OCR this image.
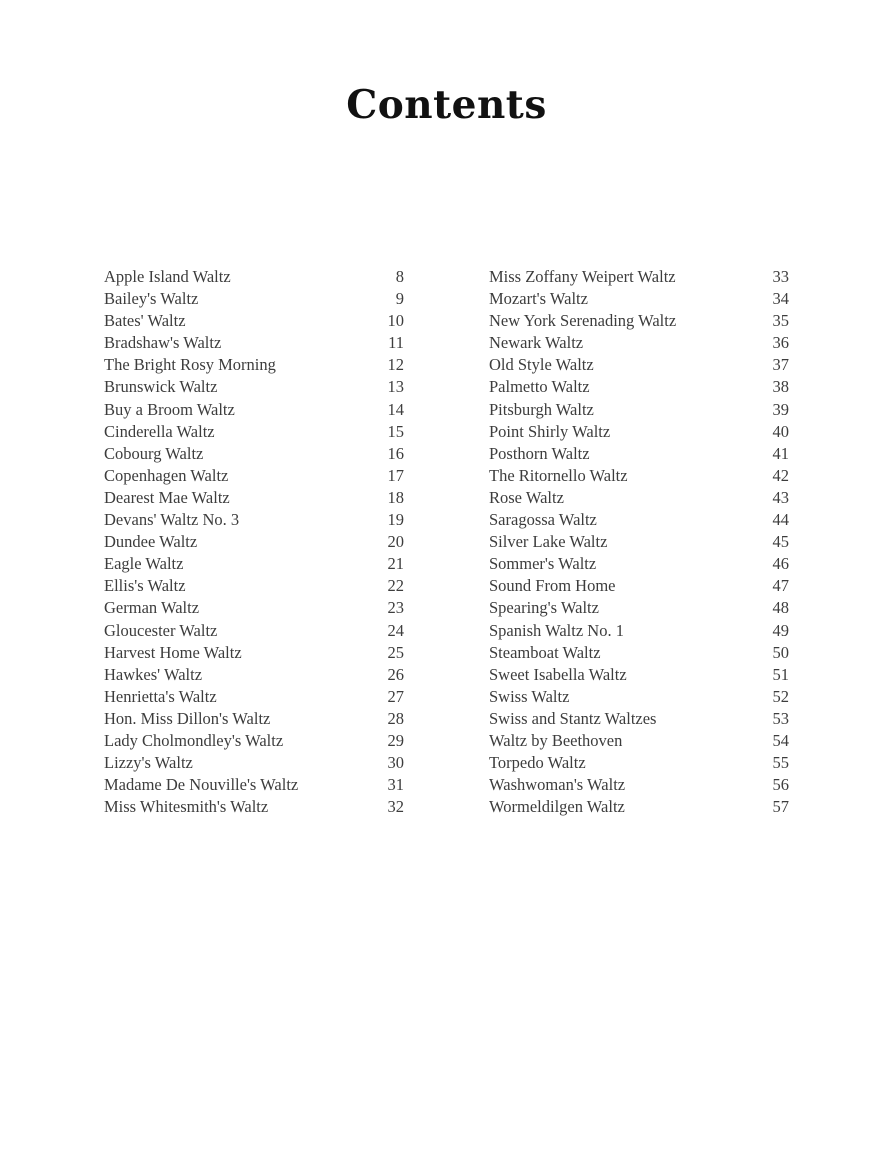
Contents
Apple Island Waltz	8
Bailey's Waltz	9
Bates' Waltz	10
Bradshaw's Waltz	11
The Bright Rosy Morning	12
Brunswick Waltz	13
Buy a Broom Waltz	14
Cinderella Waltz	15
Cobourg Waltz	16
Copenhagen Waltz	17
Dearest Mae Waltz	18
Devans' Waltz No. 3	19
Dundee Waltz	20
Eagle Waltz	21
Ellis's Waltz	22
German Waltz	23
Gloucester Waltz	24
Harvest Home Waltz	25
Hawkes' Waltz	26
Henrietta's Waltz	27
Hon. Miss Dillon's Waltz	28
Lady Cholmondley's Waltz	29
Lizzy's Waltz	30
Madame De Nouville's Waltz	31
Miss Whitesmith's Waltz	32
Miss Zoffany Weipert Waltz	33
Mozart's Waltz	34
New York Serenading Waltz	35
Newark Waltz	36
Old Style Waltz	37
Palmetto Waltz	38
Pitsburgh Waltz	39
Point Shirly Waltz	40
Posthorn Waltz	41
The Ritornello Waltz	42
Rose Waltz	43
Saragossa Waltz	44
Silver Lake Waltz	45
Sommer's Waltz	46
Sound From Home	47
Spearing's Waltz	48
Spanish Waltz No. 1	49
Steamboat Waltz	50
Sweet Isabella Waltz	51
Swiss Waltz	52
Swiss and Stantz Waltzes	53
Waltz by Beethoven	54
Torpedo Waltz	55
Washwoman's Waltz	56
Wormeldilgen Waltz	57
